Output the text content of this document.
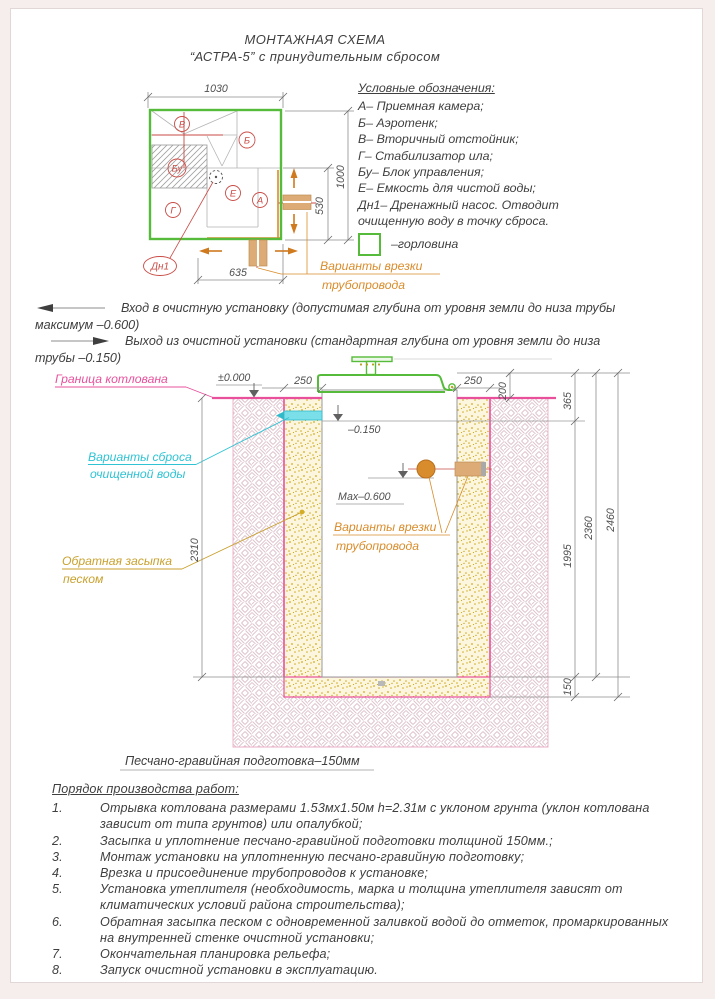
МОНТАЖНАЯ СХЕМА
“АСТРА-5” с принудительным сбросом
Условные обозначения:
А– Приемная камера;
Б– Аэротенк;
В– Вторичный отстойник;
Г– Стабилизатор ила;
Бу– Блок управления;
Е– Емкость для чистой воды;
Дн1– Дренажный насос. Отводит
очищенную воду в точку сброса.
–горловина
1030
1000
530
635
В
Б
Бу
Е
А
Г
Дн1	Варианты врезки
трубопровода
–0.150
Мах–0.600
Варианты врезки
трубопровода
Граница котлована	±0.000
Варианты сброса
очищенной воды
Обратная засыпка
песком
250	250
200
365
1995
150
2360 2460
2310
Песчано-гравийная подготовка–150мм
Вход в очистную установку (допустимая глубина от уровня земли до низа трубы
максимум –0.600)
Выход из очистной установки (стандартная глубина от уровня земли до низа
трубы –0.150)
Порядок производства работ:
1.	Отрывка котлована размерами 1.53мх1.50м h=2.31м с уклоном грунта (уклон котлована зависит от типа грунтов) или опалубкой;
2.	Засыпка и уплотнение песчано-гравийной подготовки толщиной 150мм.;
3.	Монтаж установки на уплотненную песчано-гравийную подготовку;
4.	Врезка и присоединение трубопроводов к установке;
5.	Установка утеплителя (необходимость, марка и толщина утеплителя зависят от климатических условий района строительства);
6.	Обратная засыпка песком с одновременной заливкой водой до отметок, промаркированных на внутренней стенке очистной установки;
7.	Окончательная планировка рельефа;
8.	Запуск очистной установки в эксплуатацию.
